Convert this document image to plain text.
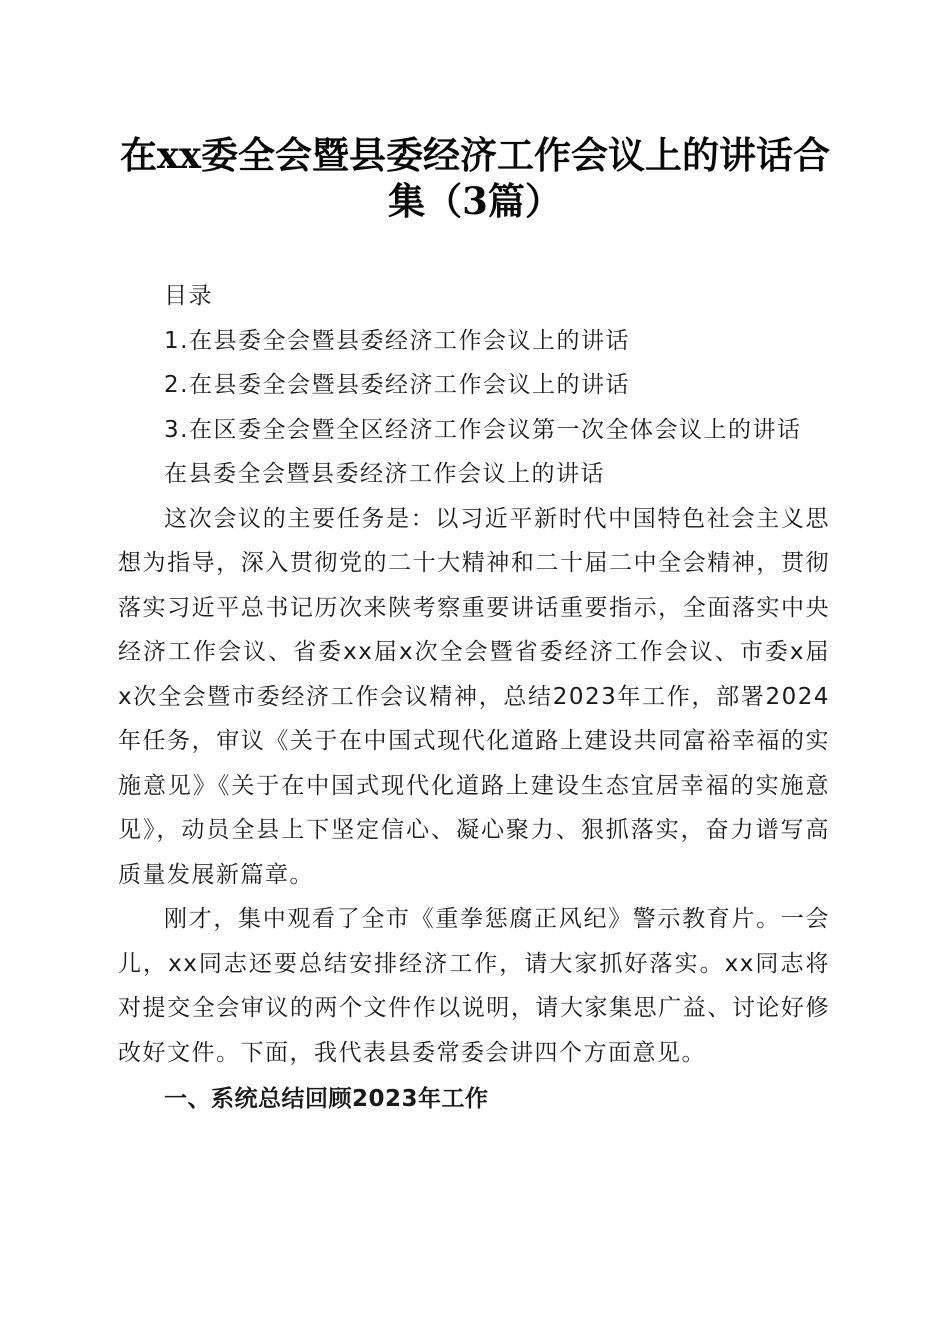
在xx委全会暨县委经济工作会议上的讲话合集（3篇）

目录

1.在县委全会暨县委经济工作会议上的讲话

2.在县委全会暨县委经济工作会议上的讲话

3.在区委全会暨全区经济工作会议第一次全体会议上的讲话

在县委全会暨县委经济工作会议上的讲话

这次会议的主要任务是：以习近平新时代中国特色社会主义思想为指导，深入贯彻党的二十大精神和二十届二中全会精神，贯彻落实习近平总书记历次来陕考察重要讲话重要指示，全面落实中央经济工作会议、省委xx届x次全会暨省委经济工作会议、市委x届x次全会暨市委经济工作会议精神，总结2023年工作，部署2024年任务，审议《关于在中国式现代化道路上建设共同富裕幸福的实施意见》《关于在中国式现代化道路上建设生态宜居幸福的实施意见》，动员全县上下坚定信心、凝心聚力、狠抓落实，奋力谱写高质量发展新篇章。

刚才，集中观看了全市《重拳惩腐正风纪》警示教育片。一会儿，xx同志还要总结安排经济工作，请大家抓好落实。xx同志将对提交全会审议的两个文件作以说明，请大家集思广益、讨论好修改好文件。下面，我代表县委常委会讲四个方面意见。

一、系统总结回顾2023年工作
